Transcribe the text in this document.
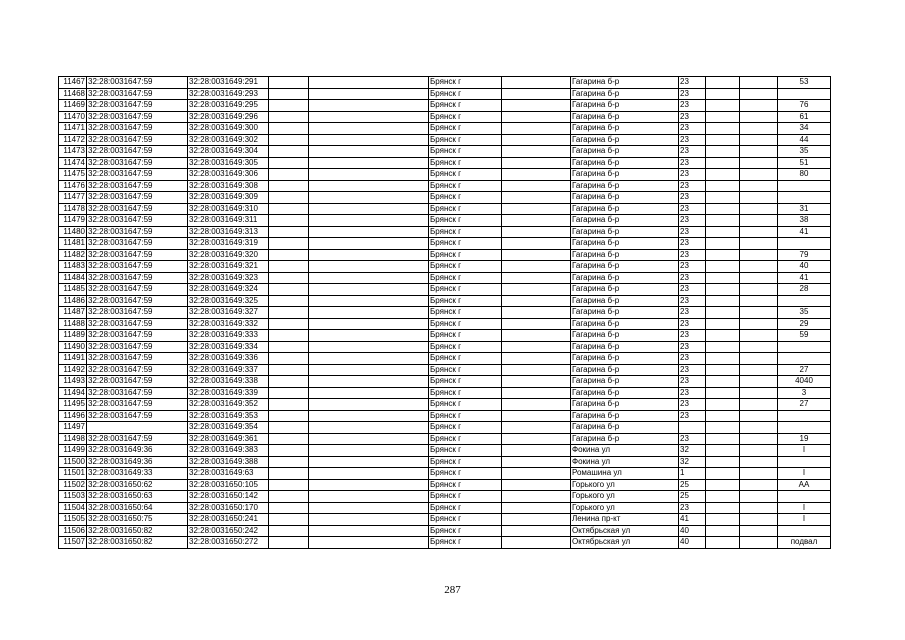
11467	32:28:0031647:59	32:28:0031649:291			Брянск г		Гагарина б-р	23			53
11468	32:28:0031647:59	32:28:0031649:293			Брянск г		Гагарина б-р	23			
11469	32:28:0031647:59	32:28:0031649:295			Брянск г		Гагарина б-р	23			76
11470	32:28:0031647:59	32:28:0031649:296			Брянск г		Гагарина б-р	23			61
11471	32:28:0031647:59	32:28:0031649:300			Брянск г		Гагарина б-р	23			34
11472	32:28:0031647:59	32:28:0031649:302			Брянск г		Гагарина б-р	23			44
11473	32:28:0031647:59	32:28:0031649:304			Брянск г		Гагарина б-р	23			35
11474	32:28:0031647:59	32:28:0031649:305			Брянск г		Гагарина б-р	23			51
11475	32:28:0031647:59	32:28:0031649:306			Брянск г		Гагарина б-р	23			80
11476	32:28:0031647:59	32:28:0031649:308			Брянск г		Гагарина б-р	23			
11477	32:28:0031647:59	32:28:0031649:309			Брянск г		Гагарина б-р	23			
11478	32:28:0031647:59	32:28:0031649:310			Брянск г		Гагарина б-р	23			31
11479	32:28:0031647:59	32:28:0031649:311			Брянск г		Гагарина б-р	23			38
11480	32:28:0031647:59	32:28:0031649:313			Брянск г		Гагарина б-р	23			41
11481	32:28:0031647:59	32:28:0031649:319			Брянск г		Гагарина б-р	23			
11482	32:28:0031647:59	32:28:0031649:320			Брянск г		Гагарина б-р	23			79
11483	32:28:0031647:59	32:28:0031649:321			Брянск г		Гагарина б-р	23			40
11484	32:28:0031647:59	32:28:0031649:323			Брянск г		Гагарина б-р	23			41
11485	32:28:0031647:59	32:28:0031649:324			Брянск г		Гагарина б-р	23			28
11486	32:28:0031647:59	32:28:0031649:325			Брянск г		Гагарина б-р	23			
11487	32:28:0031647:59	32:28:0031649:327			Брянск г		Гагарина б-р	23			35
11488	32:28:0031647:59	32:28:0031649:332			Брянск г		Гагарина б-р	23			29
11489	32:28:0031647:59	32:28:0031649:333			Брянск г		Гагарина б-р	23			59
11490	32:28:0031647:59	32:28:0031649:334			Брянск г		Гагарина б-р	23			
11491	32:28:0031647:59	32:28:0031649:336			Брянск г		Гагарина б-р	23			
11492	32:28:0031647:59	32:28:0031649:337			Брянск г		Гагарина б-р	23			27
11493	32:28:0031647:59	32:28:0031649:338			Брянск г		Гагарина б-р	23			4040
11494	32:28:0031647:59	32:28:0031649:339			Брянск г		Гагарина б-р	23			3
11495	32:28:0031647:59	32:28:0031649:352			Брянск г		Гагарина б-р	23			27
11496	32:28:0031647:59	32:28:0031649:353			Брянск г		Гагарина б-р	23			
11497		32:28:0031649:354			Брянск г		Гагарина б-р				
11498	32:28:0031647:59	32:28:0031649:361			Брянск г		Гагарина б-р	23			19
11499	32:28:0031649:36	32:28:0031649:383			Брянск г		Фокина ул	32			I
11500	32:28:0031649:36	32:28:0031649:388			Брянск г		Фокина ул	32			
11501	32:28:0031649:33	32:28:0031649:63			Брянск г		Ромашина ул	1			I
11502	32:28:0031650:62	32:28:0031650:105			Брянск г		Горького ул	25			АА
11503	32:28:0031650:63	32:28:0031650:142			Брянск г		Горького ул	25			
11504	32:28:0031650:64	32:28:0031650:170			Брянск г		Горького ул	23			I
11505	32:28:0031650:75	32:28:0031650:241			Брянск г		Ленина пр-кт	41			I
11506	32:28:0031650:82	32:28:0031650:242			Брянск г		Октябрьская ул	40			
11507	32:28:0031650:82	32:28:0031650:272			Брянск г		Октябрьская ул	40			подвал
287
